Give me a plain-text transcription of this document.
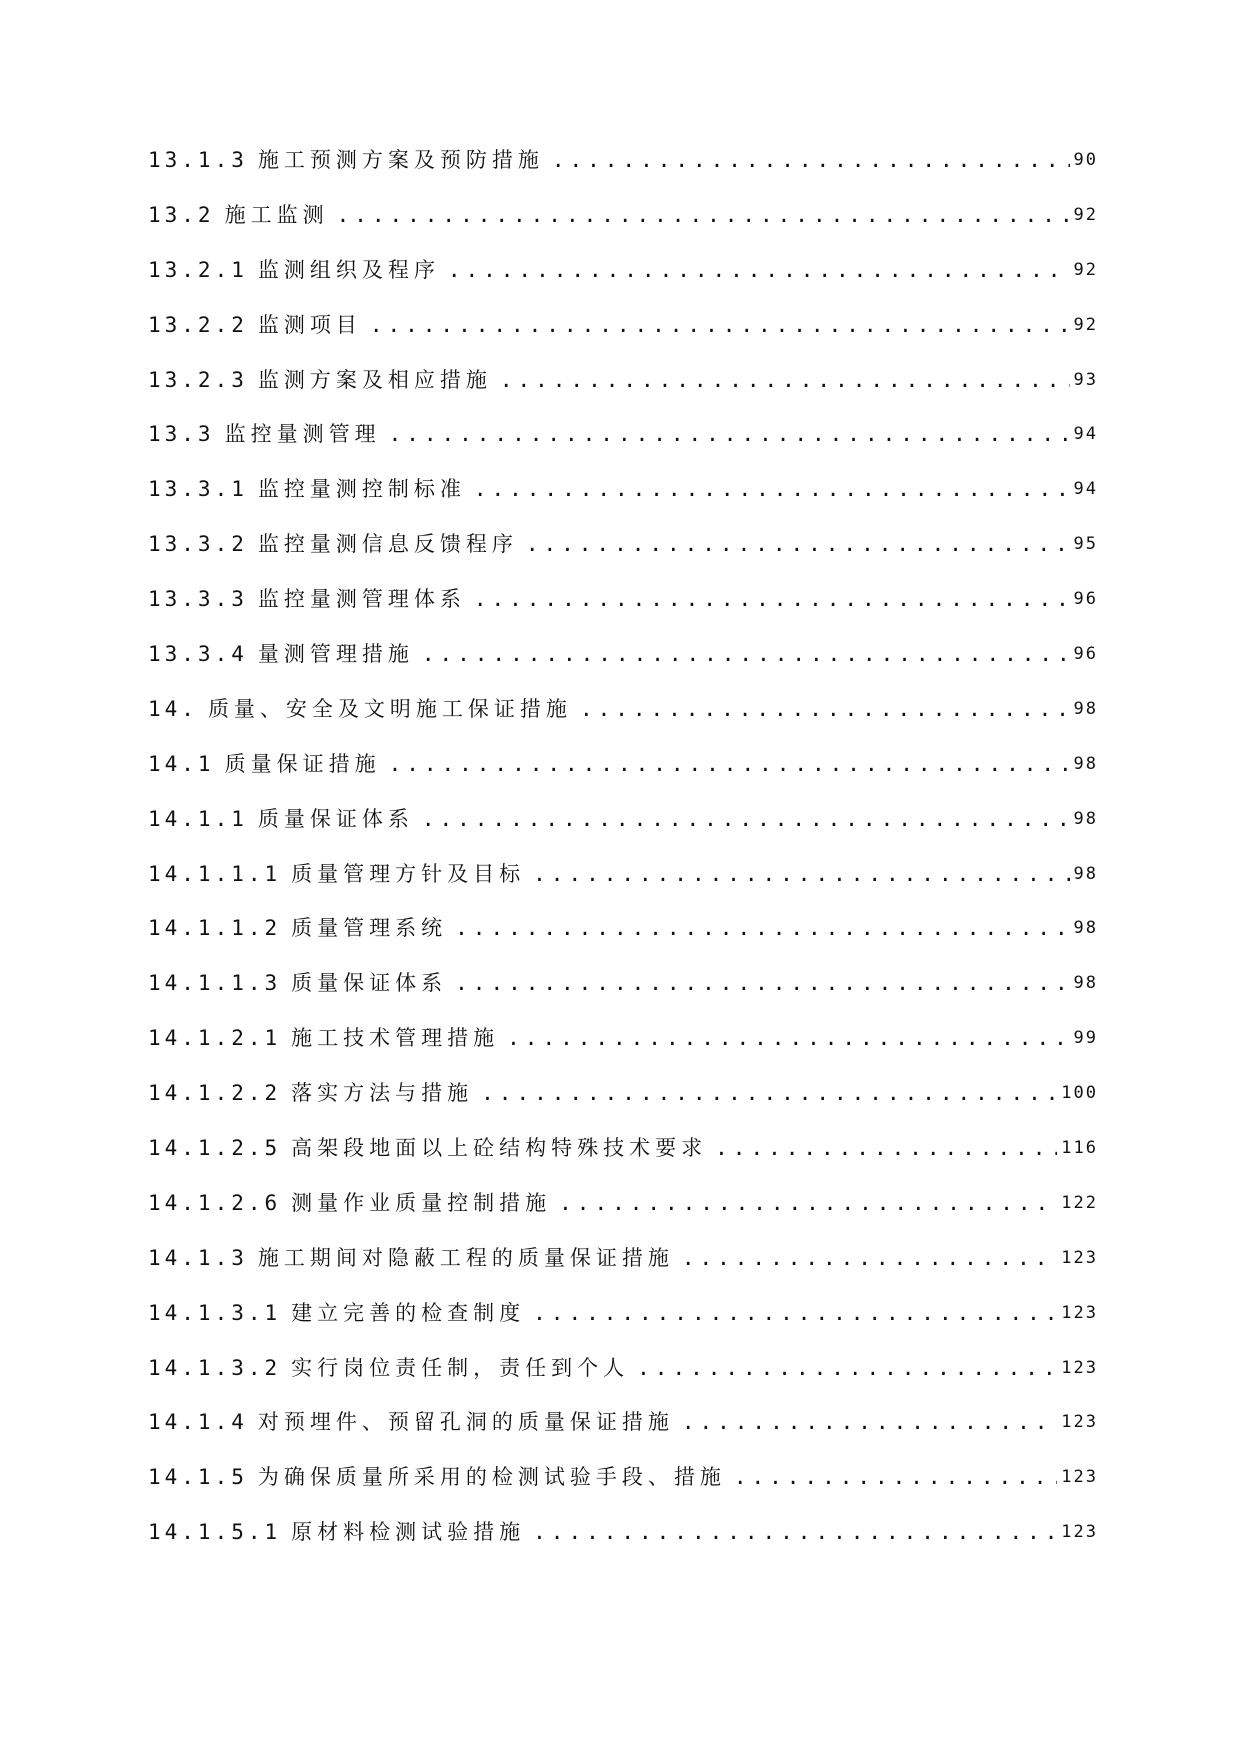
13.1.3 施工预测方案及预防措施 .....	90
13.2 施工监测 .....	92
13.2.1 监测组织及程序 .....	92
13.2.2 监测项目 .....	92
13.2.3 监测方案及相应措施 .....	93
13.3 监控量测管理 .....	94
13.3.1 监控量测控制标准 .....	94
13.3.2 监控量测信息反馈程序 .....	95
13.3.3 监控量测管理体系 .....	96
13.3.4 量测管理措施 .....	96
14. 质量、安全及文明施工保证措施 .....	98
14.1 质量保证措施 .....	98
14.1.1 质量保证体系 .....	98
14.1.1.1 质量管理方针及目标 .....	98
14.1.1.2 质量管理系统 .....	98
14.1.1.3 质量保证体系 .....	98
14.1.2.1 施工技术管理措施 .....	99
14.1.2.2 落实方法与措施 .....	100
14.1.2.5 高架段地面以上砼结构特殊技术要求 .....	116
14.1.2.6 测量作业质量控制措施 .....	122
14.1.3 施工期间对隐蔽工程的质量保证措施 .....	123
14.1.3.1 建立完善的检查制度 .....	123
14.1.3.2 实行岗位责任制，责任到个人 .....	123
14.1.4 对预埋件、预留孔洞的质量保证措施 .....	123
14.1.5 为确保质量所采用的检测试验手段、措施 .....	123
14.1.5.1 原材料检测试验措施 .....	123
